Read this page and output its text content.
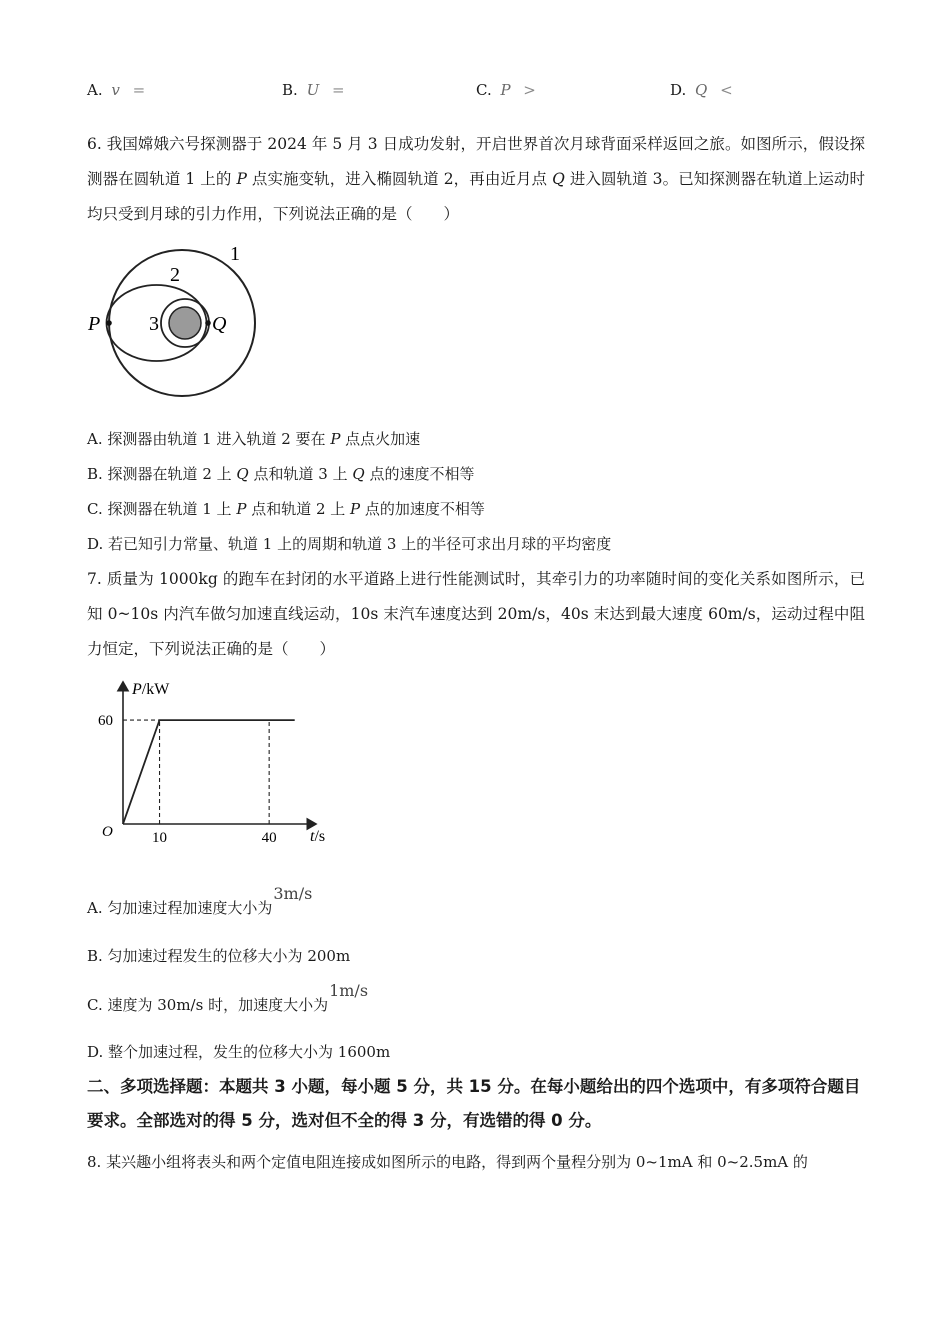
A. v =	B. U =	C. P >	D. Q <
6. 我国嫦娥六号探测器于 2024 年 5 月 3 日成功发射，开启世界首次月球背面采样返回之旅。如图所示，假设探测器在圆轨道 1 上的 P 点实施变轨，进入椭圆轨道 2，再由近月点 Q 进入圆轨道 3。已知探测器在轨道上运动时均只受到月球的引力作用，下列说法正确的是（　　）
1
2
3
P	Q
A. 探测器由轨道 1 进入轨道 2 要在 P 点点火加速
B. 探测器在轨道 2 上 Q 点和轨道 3 上 Q 点的速度不相等
C. 探测器在轨道 1 上 P 点和轨道 2 上 P 点的加速度不相等
D. 若已知引力常量、轨道 1 上的周期和轨道 3 上的半径可求出月球的平均密度
7. 质量为 1000kg 的跑车在封闭的水平道路上进行性能测试时，其牵引力的功率随时间的变化关系如图所示，已知 0~10s 内汽车做匀加速直线运动，10s 末汽车速度达到 20m/s，40s 末达到最大速度 60m/s，运动过程中阻力恒定，下列说法正确的是（　　）
O
P/kW
t/s
60
10	40
A. 匀加速过程加速度大小为3m/s
B. 匀加速过程发生的位移大小为 200m
C. 速度为 30m/s 时，加速度大小为1m/s
D. 整个加速过程，发生的位移大小为 1600m
二、多项选择题：本题共 3 小题，每小题 5 分，共 15 分。在每小题给出的四个选项中，有多项符合题目要求。全部选对的得 5 分，选对但不全的得 3 分，有选错的得 0 分。
8. 某兴趣小组将表头和两个定值电阻连接成如图所示的电路，得到两个量程分别为 0~1mA 和 0~2.5mA 的
